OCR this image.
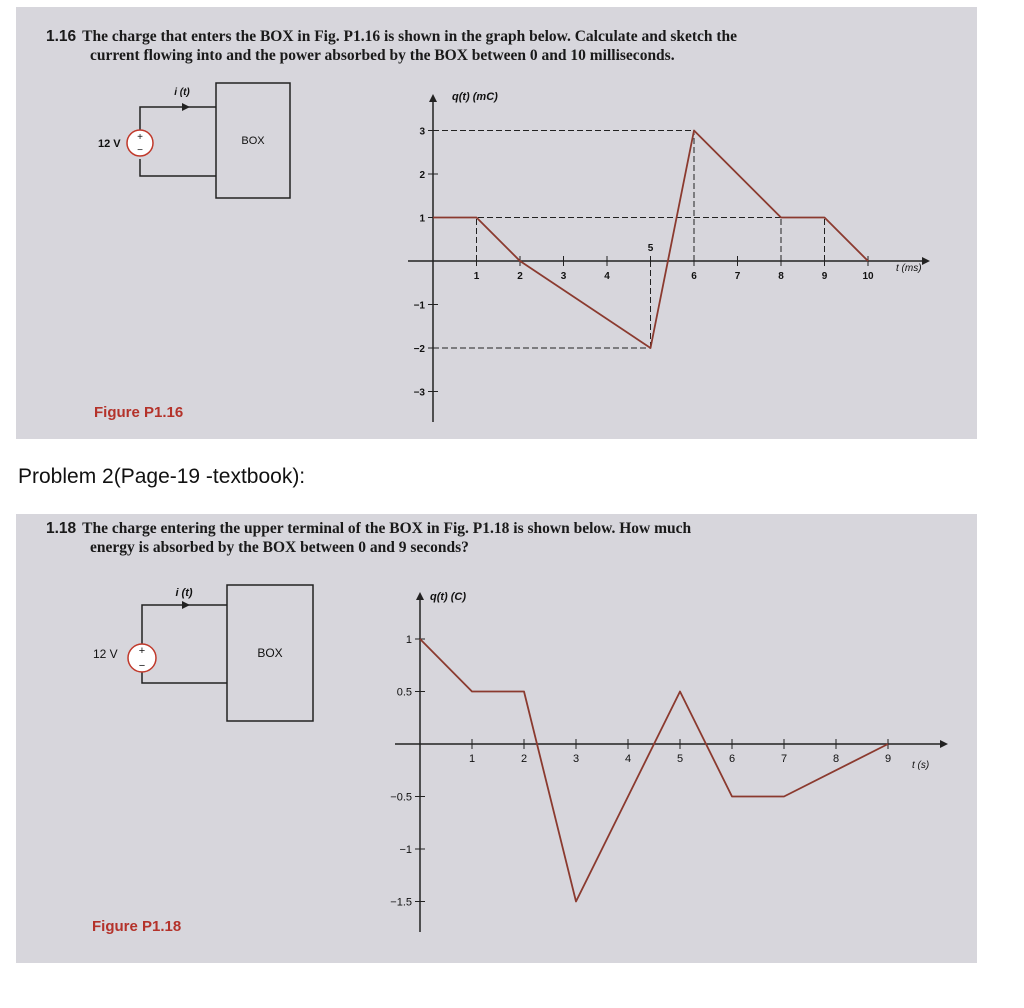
1.16 The charge that enters the BOX in Fig. P1.16 is shown in the graph below. Calculate and sketch the
current flowing into and the power absorbed by the BOX between 0 and 10 milliseconds.
+
−
i (t)
12 V	BOX
q(t) (mC)
t (ms)
1	2	3	4
5
6	7	8	9	10
3
2
1
−1
−2
−3
Figure P1.16
Problem 2(Page-19 -textbook):
1.18 The charge entering the upper terminal of the BOX in Fig. P1.18 is shown below. How much
energy is absorbed by the BOX between 0 and 9 seconds?
+
−
i (t)
12 V	BOX
q(t) (C)
t (s)
1	2	3	4	5	6	7	8	9
1
0.5
−0.5
−1
−1.5
Figure P1.18
